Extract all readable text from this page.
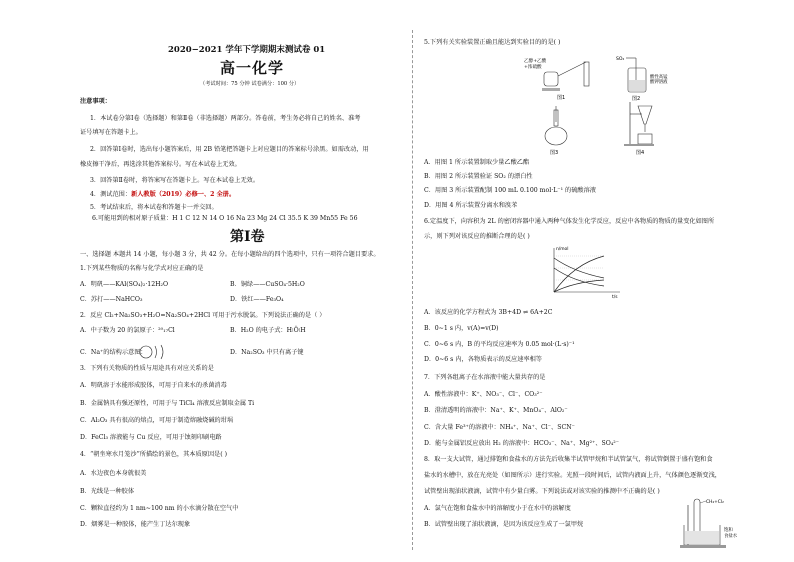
2020−2021 学年下学期期末测试卷 01
高一化学
（考试时间：75 分钟 试卷满分：100 分）
注意事项：
1．本试卷分第Ⅰ卷（选择题）和第Ⅱ卷（非选择题）两部分。答卷前，考生务必将自己的姓名、准考
证号填写在答题卡上。
2．回答第Ⅰ卷时，选出每小题答案后，用 2B 铅笔把答题卡上对应题目的答案标号涂黑。如需改动，用
橡皮擦干净后，再选涂其他答案标号。写在本试卷上无效。
3．回答第Ⅱ卷时，将答案写在答题卡上。写在本试卷上无效。
4．测试范围：新人教版（2019）必修一、2 全册。
5．考试结束后，将本试卷和答题卡一并交回。
6.可能用到的相对原子质量：H 1 C 12 N 14 O 16 Na 23 Mg 24 Cl 35.5 K 39 Mn55 Fe 56
第Ⅰ卷
一、选择题 本题共 14 小题，每小题 3 分，共 42 分。在每小题给出的四个选项中，只有一项符合题目要求。
1.下列某些物质的名称与化学式对应正确的是
A．明矾——KAl(SO₄)₂·12H₂O	B．铜绿——CuSO₄·5H₂O
C．苏打——NaHCO₃	D．铁红——Fe₃O₄
2．反应 Cl₂+Na₂SO₃+H₂O=Na₂SO₄+2HCl 可用于污水脱氯。下列说法正确的是（ ）
A．中子数为 20 的氯原子：²⁰₁₇Cl	B．H₂O 的电子式：H∶Ö∶H
C．Na⁺的结构示意图：	D．Na₂SO₃ 中只有离子键
3．下列有关物质的性质与用途具有对应关系的是
A．明矾溶于水能形成胶体，可用于自来水的杀菌消毒
B．金属钠具有强还原性，可用于与 TiCl₄ 溶液反应制取金属 Ti
C．Al₂O₃ 具有很高的熔点，可用于制造熔融烧碱的坩埚
D．FeCl₃ 溶液能与 Cu 反应，可用于蚀刻印刷电路
4．“朝坐寒水月笼沙”所描绘的景色，其本质原因是( )
A．水边夜色本身就很美
B．光线是一种胶体
C．颗粒直径约为 1 nm~100 nm 的小水滴分散在空气中
D．烟雾是一种胶体，能产生丁达尔现象
5.下列有关实验装置正确且能达到实验目的的是( )
乙醇+乙酸
+浓硫酸
图1
SO₂
酸性高锰
酸钾溶液
图2
图3	图4
A．用图 1 所示装置制取少量乙酸乙酯
B．用图 2 所示装置验证 SO₂ 的漂白性
C．用图 3 所示装置配制 100 mL 0.100 mol·L⁻¹ 的硫酸溶液
D．用图 4 所示装置分离水和溴苯
6.定温度下，向容积为 2L 的密闭容器中通入两种气体发生化学反应，反应中各物质的物质的量变化如图所
示，则下列对该反应的推断合理的是( )
n/mol
t/s
A．该反应的化学方程式为 3B+4D ⇌ 6A+2C
B．0~1 s 内，v(A)=v(D)
C．0~6 s 内，B 的平均反应速率为 0.05 mol·(L·s)⁻¹
D．0~6 s 内，各物质表示的反应速率相等
7．下列各组离子在水溶液中能大量共存的是
A．酸性溶液中：K⁺、NO₃⁻、Cl⁻、CO₃²⁻
B．澄清透明的溶液中：Na⁺、K⁺、MnO₄⁻、AlO₂⁻
C．含大量 Fe³⁺的溶液中：NH₄⁺、Na⁺、Cl⁻、SCN⁻
D．能与金属铝反应放出 H₂ 的溶液中：HCO₃⁻、Na⁺、Mg²⁺、SO₄²⁻
8．取一支大试管，通过排饱和食盐水的方法先后收集半试管甲烷和半试管氯气，将试管倒置于盛有饱和食
盐水的水槽中，放在光亮处（如图所示）进行实验。光照一段时间后，试管内液面上升，气体颜色逐渐变浅，
试管壁出现油状液滴，试管中有少量白雾。下列说法或对该实验的推测中不正确的是( )
A．氯气在饱和食盐水中的溶解度小于在水中的溶解度
B．试管壁出现了油状液滴，是因为该反应生成了一氯甲烷
CH₄+Cl₂
饱和
食盐水
